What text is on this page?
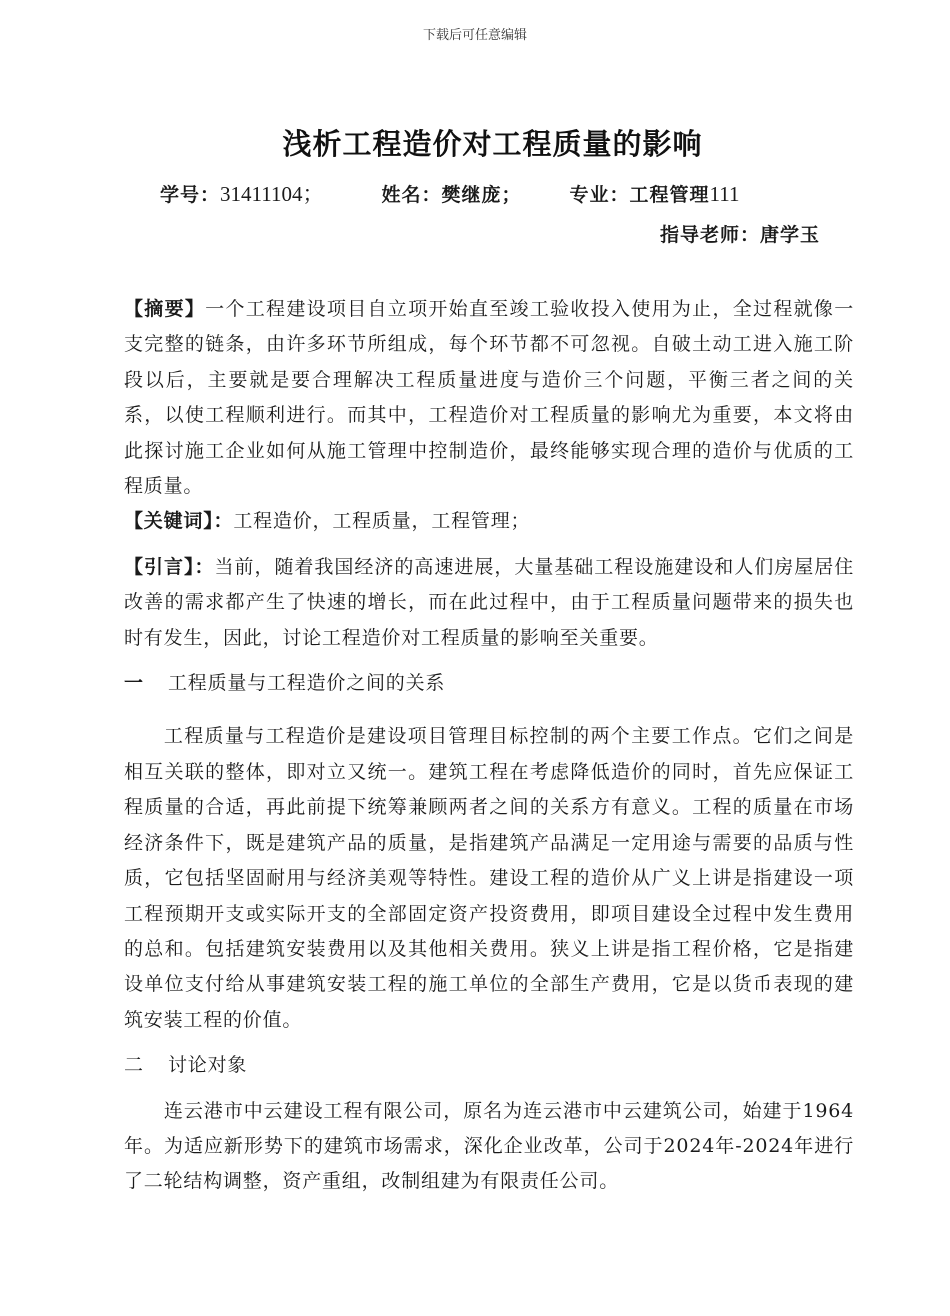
下载后可任意编辑
浅析工程造价对工程质量的影响
学号：31411104；	姓名：樊继庞；	专业：工程管理111
指导老师：唐学玉

【摘要】一个工程建设项目自立项开始直至竣工验收投入使用为止，全过程就像一支完整的链条，由许多环节所组成，每个环节都不可忽视。自破土动工进入施工阶段以后，主要就是要合理解决工程质量进度与造价三个问题，平衡三者之间的关系，以使工程顺利进行。而其中，工程造价对工程质量的影响尤为重要，本文将由此探讨施工企业如何从施工管理中控制造价，最终能够实现合理的造价与优质的工程质量。

【关键词】：工程造价，工程质量，工程管理；

【引言】：当前，随着我国经济的高速进展，大量基础工程设施建设和人们房屋居住改善的需求都产生了快速的增长，而在此过程中，由于工程质量问题带来的损失也时有发生，因此，讨论工程造价对工程质量的影响至关重要。

一 工程质量与工程造价之间的关系

工程质量与工程造价是建设项目管理目标控制的两个主要工作点。它们之间是相互关联的整体，即对立又统一。建筑工程在考虑降低造价的同时，首先应保证工程质量的合适，再此前提下统筹兼顾两者之间的关系方有意义。工程的质量在市场经济条件下，既是建筑产品的质量，是指建筑产品满足一定用途与需要的品质与性质，它包括坚固耐用与经济美观等特性。建设工程的造价从广义上讲是指建设一项工程预期开支或实际开支的全部固定资产投资费用，即项目建设全过程中发生费用的总和。包括建筑安装费用以及其他相关费用。狭义上讲是指工程价格，它是指建设单位支付给从事建筑安装工程的施工单位的全部生产费用，它是以货币表现的建筑安装工程的价值。

二 讨论对象

连云港市中云建设工程有限公司，原名为连云港市中云建筑公司，始建于1964年。为适应新形势下的建筑市场需求，深化企业改革，公司于2024年-2024年进行了二轮结构调整，资产重组，改制组建为有限责任公司。
